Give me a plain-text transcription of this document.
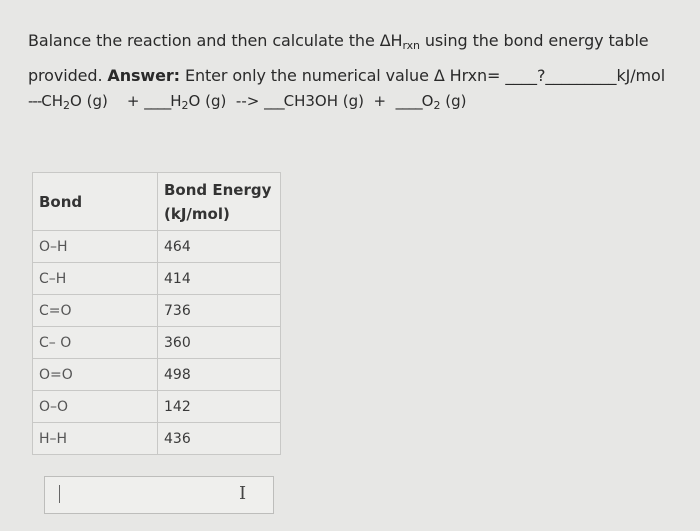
Balance the reaction and then calculate the $\Delta H_{rxn}$ using the bond energy table
provided. Answer: Enter only the numerical value Δ Hrxn= ____?_________kJ/mol
$---CH_2O$ $(g) + \_\_\_\_H_2O$ (g) --> ___CH3OH $(g) + \_\_\_\_O_2$ (g)
Bond	Bond Energy
(kJ/mol)
O–H	464
C–H	414
C=O	736
C– O	360
O=O	498
O–O	142
H–H	436
I
